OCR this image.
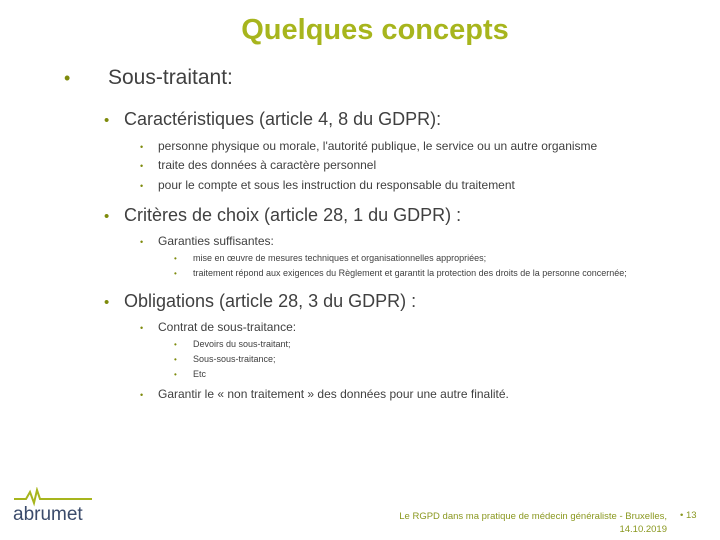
Quelques concepts
• Sous-traitant:
• Caractéristiques (article 4, 8 du GDPR):
• personne physique ou morale, l'autorité publique, le service ou un autre organisme
• traite des données à caractère personnel
• pour le compte et sous les instruction du responsable du traitement
• Critères de choix (article 28, 1 du GDPR) :
• Garanties suffisantes:
• mise en œuvre de mesures techniques et organisationnelles appropriées;
• traitement répond aux exigences du Règlement et garantit la protection des droits de la personne concernée;
• Obligations (article 28, 3 du GDPR) :
• Contrat de sous-traitance:
• Devoirs du sous-traitant;
• Sous-sous-traitance;
• Etc
• Garantir le « non traitement » des données pour une autre finalité.
abrumet	Le RGPD dans ma pratique de médecin généraliste - Bruxelles,
14.10.2019
• 13
